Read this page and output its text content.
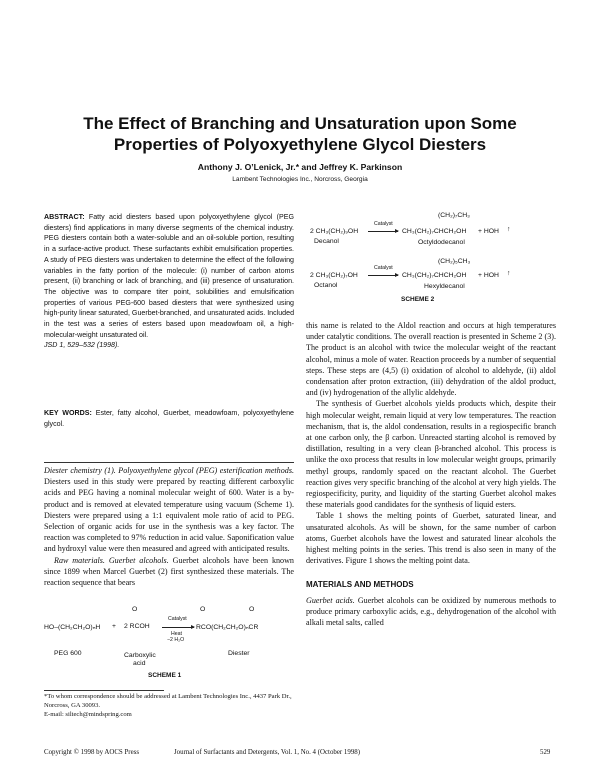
The Effect of Branching and Unsaturation upon Some
Properties of Polyoxyethylene Glycol Diesters
Anthony J. O’Lenick, Jr.* and Jeffrey K. Parkinson
Lambent Technologies Inc., Norcross, Georgia
ABSTRACT: Fatty acid diesters based upon polyoxyethylene glycol (PEG diesters) find applications in many diverse segments of the chemical industry. PEG diesters contain both a water-soluble and an oil-soluble portion, resulting in a surface-active product. These surfactants exhibit emulsification properties. A study of PEG diesters was undertaken to determine the effect of the following variables in the fatty portion of the molecule: (i) number of carbon atoms present, (ii) branching or lack of branching, and (iii) presence of unsaturation. The objective was to compare titer point, solubilities and emulsification properties of various PEG-600 based diesters that were synthesized using high-purity linear saturated, Guerbet-branched, and unsaturated acids. Included in the test was a series of esters based upon meadowfoam oil, a high-molecular-weight unsaturated oil.
JSD 1, 529–532 (1998).
KEY WORDS: Ester, fatty alcohol, Guerbet, meadowfoam, polyoxyethylene glycol.

Diester chemistry (1). Polyoxyethylene glycol (PEG) esterification methods. Diesters used in this study were prepared by reacting different carboxylic acids and PEG having a nominal molecular weight of 600. Water is a by-product and is removed at elevated temperature using vacuum (Scheme 1). Diesters were prepared using a 1:1 equivalent mole ratio of acid to PEG. Selection of organic acids for use in the synthesis was a key factor. The reaction was completed to 97% reduction in acid value. Saponification value and hydroxyl value were then measured and agreed with anticipated results.

Raw materials. Guerbet alcohols. Guerbet alcohols have been known since 1899 when Marcel Guerbet (2) first synthesized these materials. The reaction sequence that bears

O	O	O
HO–(CH₂CH₂O)ₙH + 2 RCOH
Catalyst
Heat
−2 H₂O
RCO(CH₂CH₂O)ₙCR
PEG 600	Carboxylic
acid
Diester
SCHEME 1
*To whom correspondence should be addressed at Lambent Technologies Inc., 4437 Park Dr., Norcross, GA 30093.
E-mail: siltech@mindspring.com
(CH₂)₇CH₃
2 CH₃(CH₂)₉OH
Catalyst
CH₃(CH₂)₇CHCH₂OH + HOH ↑
Decanol	Octyldodecanol
(CH₂)₅CH₃
2 CH₃(CH₂)₇OH
Catalyst
CH₃(CH₂)₇CHCH₂OH + HOH ↑
Octanol	Hexyldecanol
SCHEME 2

this name is related to the Aldol reaction and occurs at high temperatures under catalytic conditions. The overall reaction is presented in Scheme 2 (3). The product is an alcohol with twice the molecular weight of the reactant alcohol, minus a mole of water. Reaction proceeds by a number of sequential steps. These steps are (4,5) (i) oxidation of alcohol to aldehyde, (ii) aldol condensation after proton extraction, (iii) dehydration of the aldol product, and (iv) hydrogenation of the allylic aldehyde.

The synthesis of Guerbet alcohols yields products which, despite their high molecular weight, remain liquid at very low temperatures. The reaction mechanism, that is, the aldol condensation, results in a regiospecific branch at one carbon only, the β carbon. Unreacted starting alcohol is removed by distillation, resulting in a very clean β-branched alcohol. This process is unlike the oxo process that results in low molecular weight groups, primarily methyl groups, randomly spaced on the reactant alcohol. The Guerbet reaction gives very specific branching of the alcohol at very high yields. The regiospecificity, purity, and liquidity of the starting Guerbet alcohol makes these materials good candidates for the synthesis of liquid esters.

Table 1 shows the melting points of Guerbet, saturated linear, and unsaturated alcohols. As will be shown, for the same number of carbon atoms, Guerbet alcohols have the lowest and saturated linear alcohols the highest melting points in the series. This trend is also seen in many of the derivatives. Figure 1 shows the melting point data.

MATERIALS AND METHODS

Guerbet acids. Guerbet alcohols can be oxidized by numerous methods to produce primary carboxylic acids, e.g., dehydrogenation of the alcohol with alkali metal salts, called

Copyright © 1998 by AOCS Press	Journal of Surfactants and Detergents, Vol. 1, No. 4 (October 1998)	529
